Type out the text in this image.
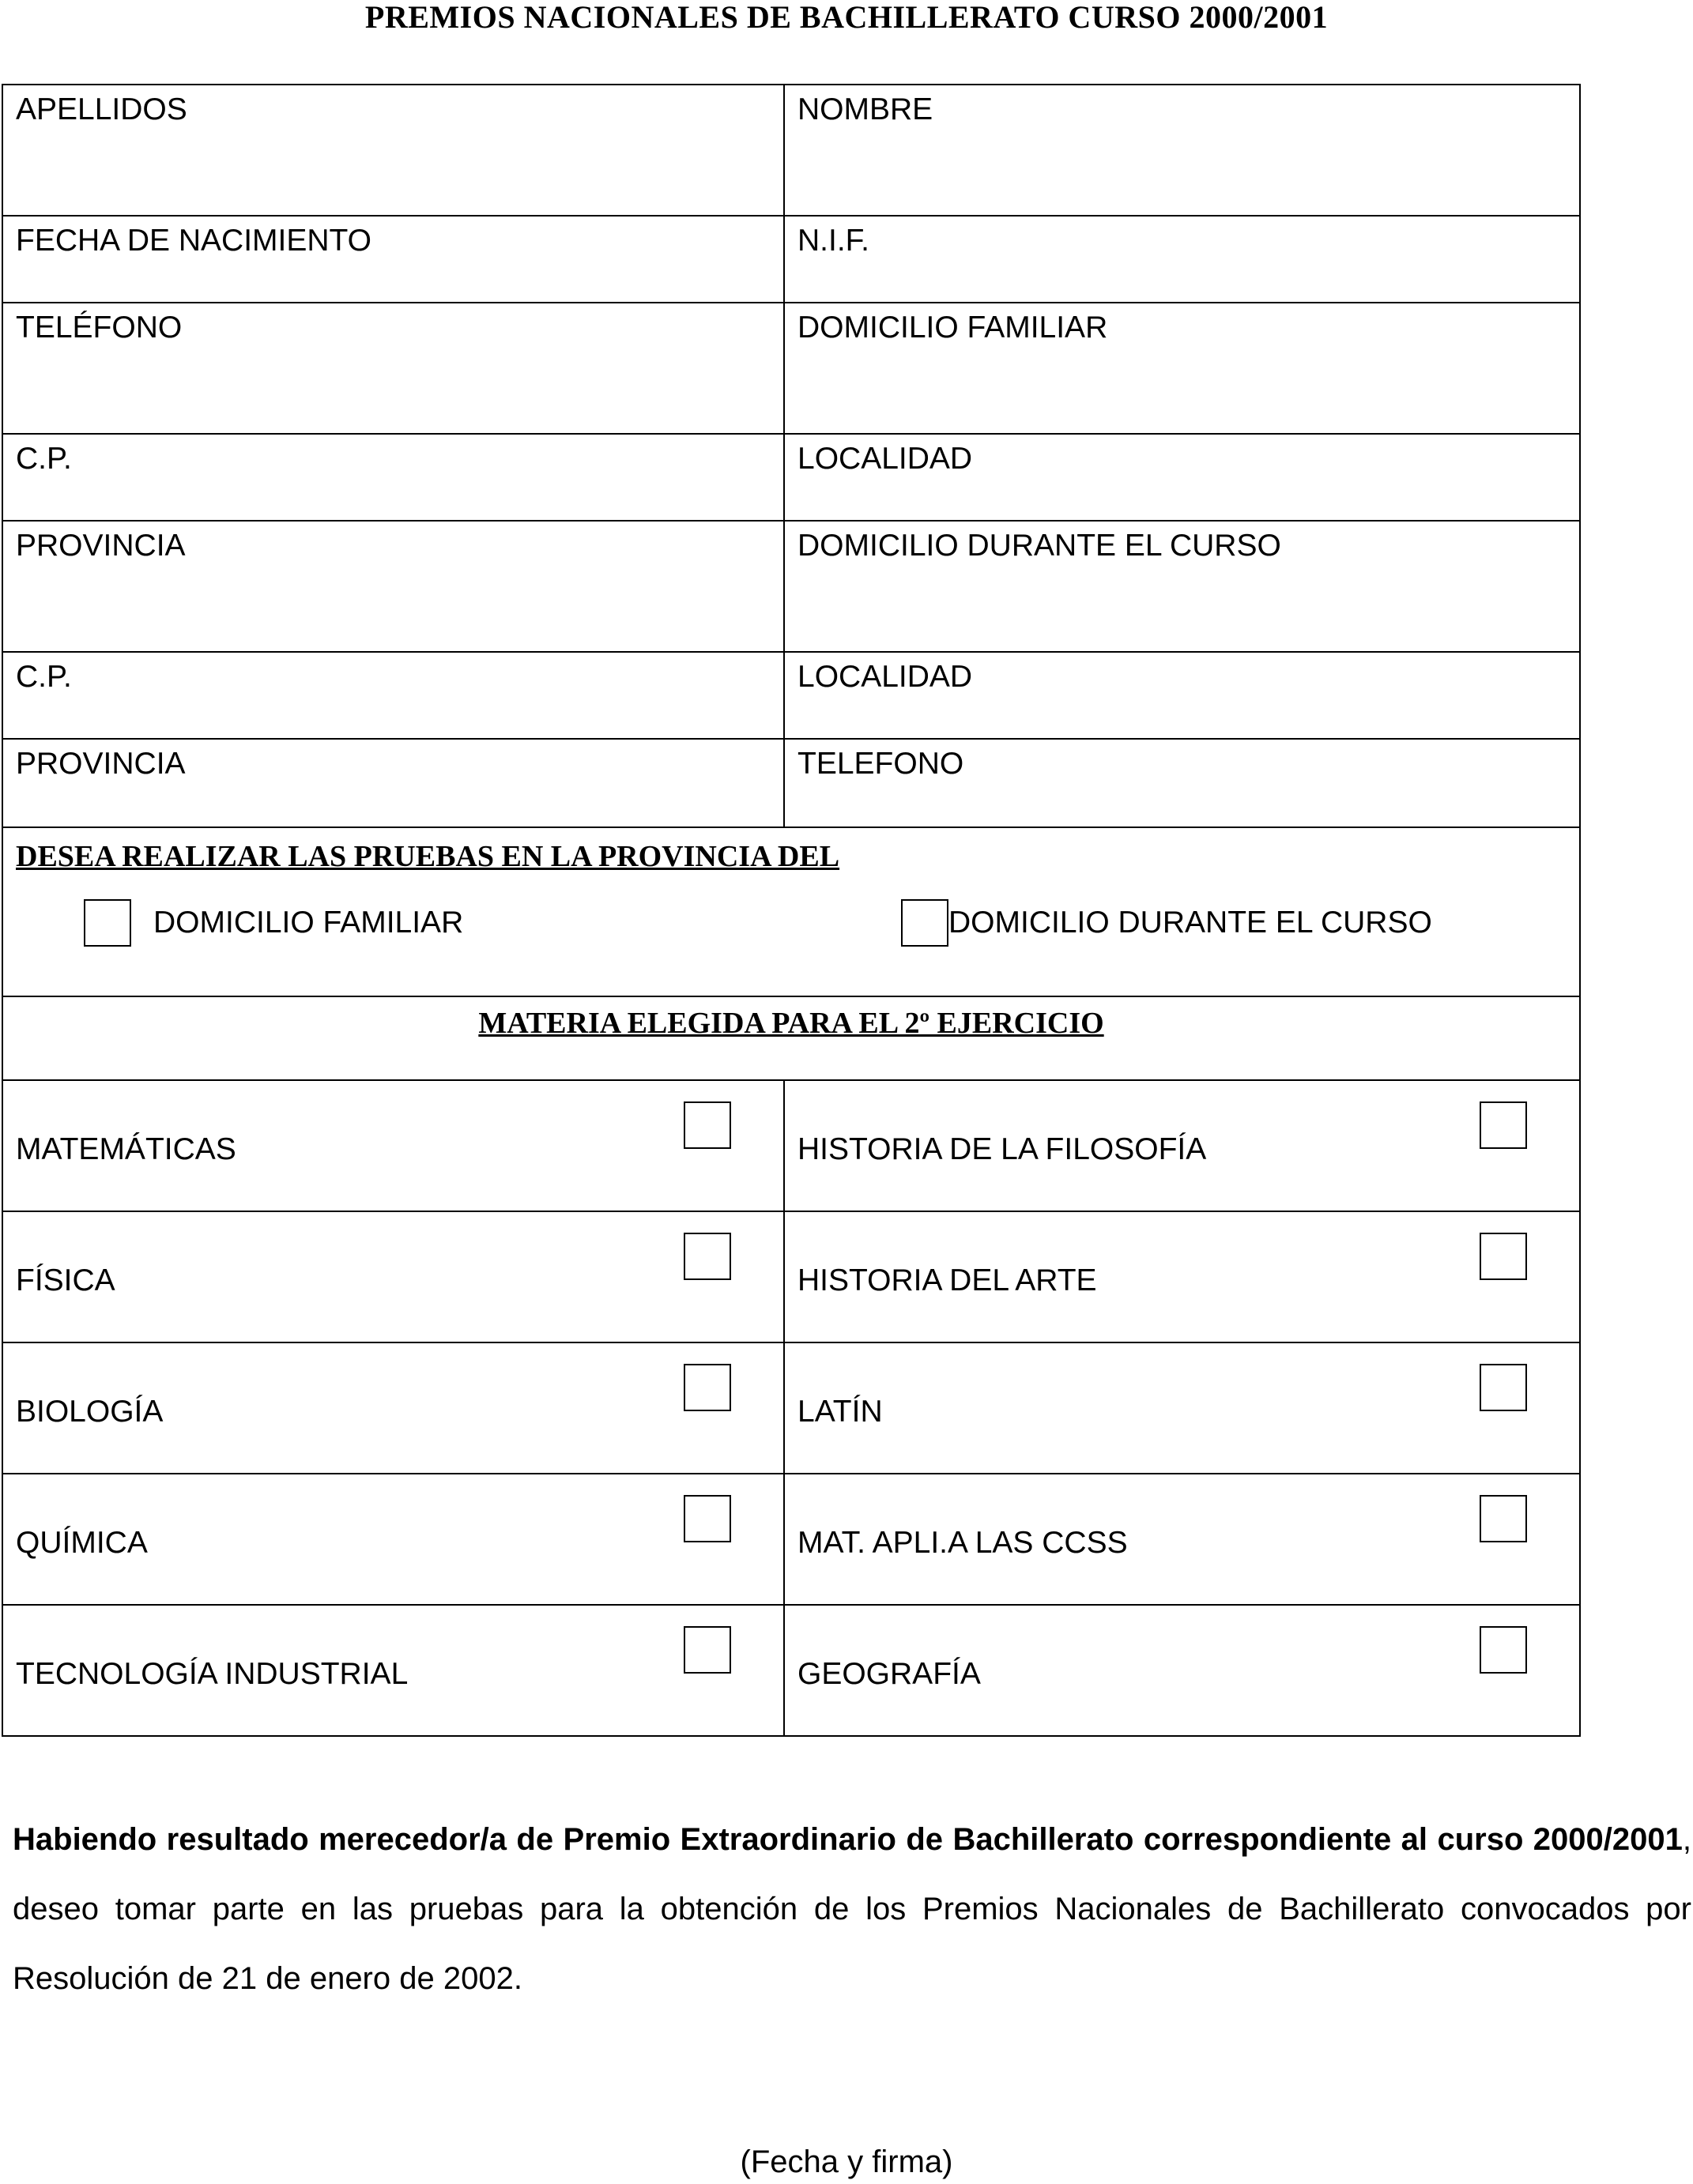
PREMIOS NACIONALES DE BACHILLERATO CURSO 2000/2001
APELLIDOS	NOMBRE

FECHA DE NACIMIENTO	N.I.F.

TELÉFONO	DOMICILIO FAMILIAR

C.P.	LOCALIDAD

PROVINCIA	DOMICILIO DURANTE EL CURSO

C.P.	LOCALIDAD

PROVINCIA	TELEFONO

DESEA REALIZAR LAS PRUEBAS EN LA PROVINCIA DEL
DOMICILIO FAMILIAR DOMICILIO DURANTE EL CURSO	

MATERIA ELEGIDA PARA EL 2º EJERCICIO	

MATEMÁTICAS	HISTORIA DE LA FILOSOFÍA

FÍSICA	HISTORIA DEL ARTE

BIOLOGÍA	LATÍN

QUÍMICA	MAT. APLI.A LAS CCSS

TECNOLOGÍA INDUSTRIAL	GEOGRAFÍA

Habiendo resultado merecedor/a de Premio Extraordinario de Bachillerato correspondiente al curso 2000/2001, deseo tomar parte en las pruebas para la obtención de los Premios Nacionales de Bachillerato convocados por Resolución de 21 de enero de 2002.

(Fecha y firma)
